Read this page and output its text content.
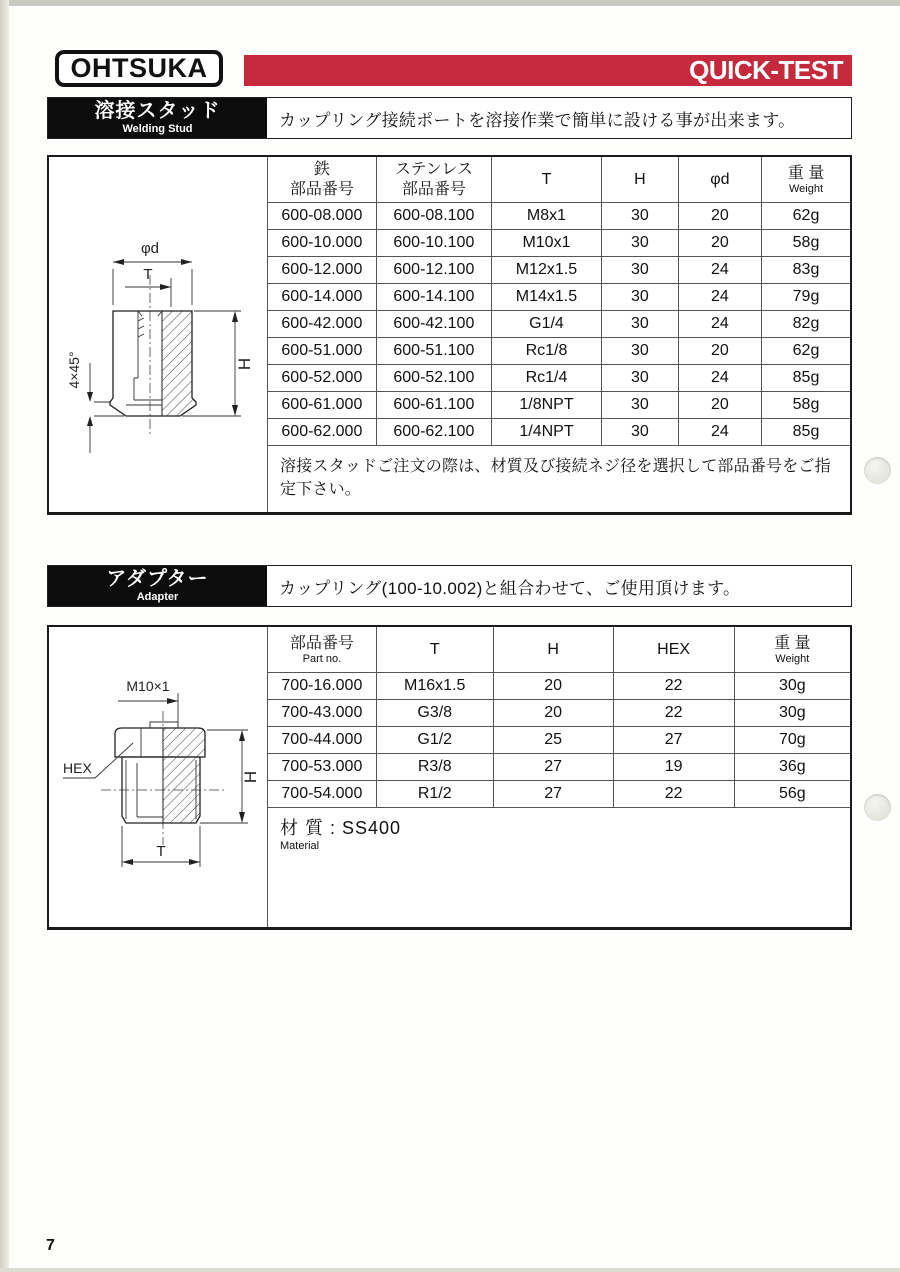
OHTSUKA	QUICK-TEST
溶接スタッド
Welding Stud	カップリング接続ポートを溶接作業で簡単に設ける事が出来ます。
φd
T
H
4×45°
鉄
部品番号	ステンレス
部品番号	T	H	φd	重 量
Weight

600-08.000	600-08.100	M8x1	30	20	62g
600-10.000	600-10.100	M10x1	30	20	58g
600-12.000	600-12.100	M12x1.5	30	24	83g
600-14.000	600-14.100	M14x1.5	30	24	79g
600-42.000	600-42.100	G1/4	30	24	82g
600-51.000	600-51.100	Rc1/8	30	20	62g
600-52.000	600-52.100	Rc1/4	30	24	85g
600-61.000	600-61.100	1/8NPT	30	20	58g
600-62.000	600-62.100	1/4NPT	30	24	85g
溶接スタッドご注文の際は、材質及び接続ネジ径を選択して部品番号をご指定下さい。
アダプター
Adapter	カップリング(100-10.002)と組合わせて、ご使用頂けます。
M10×1
H
HEX
T
部品番号
Part no.	T	H	HEX	重 量
Weight

700-16.000	M16x1.5	20	22	30g
700-43.000	G3/8	20	22	30g
700-44.000	G1/2	25	27	70g
700-53.000	R3/8	27	19	36g
700-54.000	R1/2	27	22	56g
材 質 : SS400
Material
7
